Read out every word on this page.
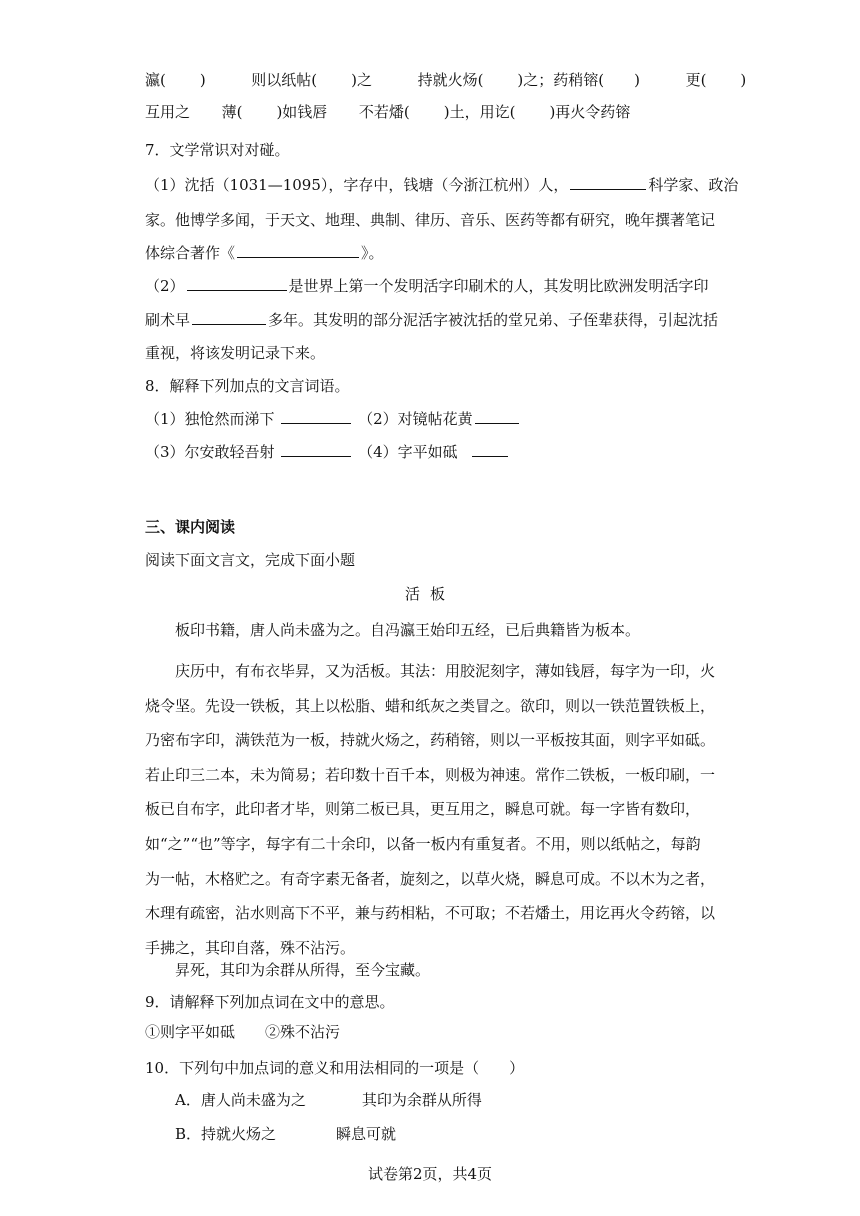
瀛( )	则以纸帖( )之	持就火炀( )之；药稍镕( )	更( )
互用之 薄( )如钱唇 不若燔( )土，用讫( )再火令药镕
7．文学常识对对碰。
（1）沈括（1031—1095），字存中，钱塘（今浙江杭州）人，	科学家、政治
家。他博学多闻，于天文、地理、典制、律历、音乐、医药等都有研究，晚年撰著笔记
体综合著作《	》。
（2）	是世界上第一个发明活字印刷术的人，其发明比欧洲发明活字印
刷术早	多年。其发明的部分泥活字被沈括的堂兄弟、子侄辈获得，引起沈括
重视，将该发明记录下来。
8．解释下列加点的文言词语。
（1）独怆然而涕下	（2）对镜帖花黄
（3）尔安敢轻吾射	（4）字平如砥
三、课内阅读
阅读下面文言文，完成下面小题
活板
板印书籍，唐人尚未盛为之。自冯瀛王始印五经，已后典籍皆为板本。
庆历中，有布衣毕昇，又为活板。其法：用胶泥刻字，薄如钱唇，每字为一印，火烧令坚。先设一铁板，其上以松脂、蜡和纸灰之类冒之。欲印，则以一铁范置铁板上，乃密布字印，满铁范为一板，持就火炀之，药稍镕，则以一平板按其面，则字平如砥。若止印三二本，未为简易；若印数十百千本，则极为神速。常作二铁板，一板印刷，一板已自布字，此印者才毕，则第二板已具，更互用之，瞬息可就。每一字皆有数印，如“之”“也”等字，每字有二十余印，以备一板内有重复者。不用，则以纸帖之，每韵为一帖，木格贮之。有奇字素无备者，旋刻之，以草火烧，瞬息可成。不以木为之者，木理有疏密，沾水则高下不平，兼与药相粘，不可取；不若燔土，用讫再火令药镕，以手拂之，其印自落，殊不沾污。
昇死，其印为余群从所得，至今宝藏。
9．请解释下列加点词在文中的意思。
①则字平如砥 ②殊不沾污
10．下列句中加点词的意义和用法相同的一项是（　　）
A．唐人尚未盛为之	其印为余群从所得
B．持就火炀之	瞬息可就
试卷第2页，共4页
